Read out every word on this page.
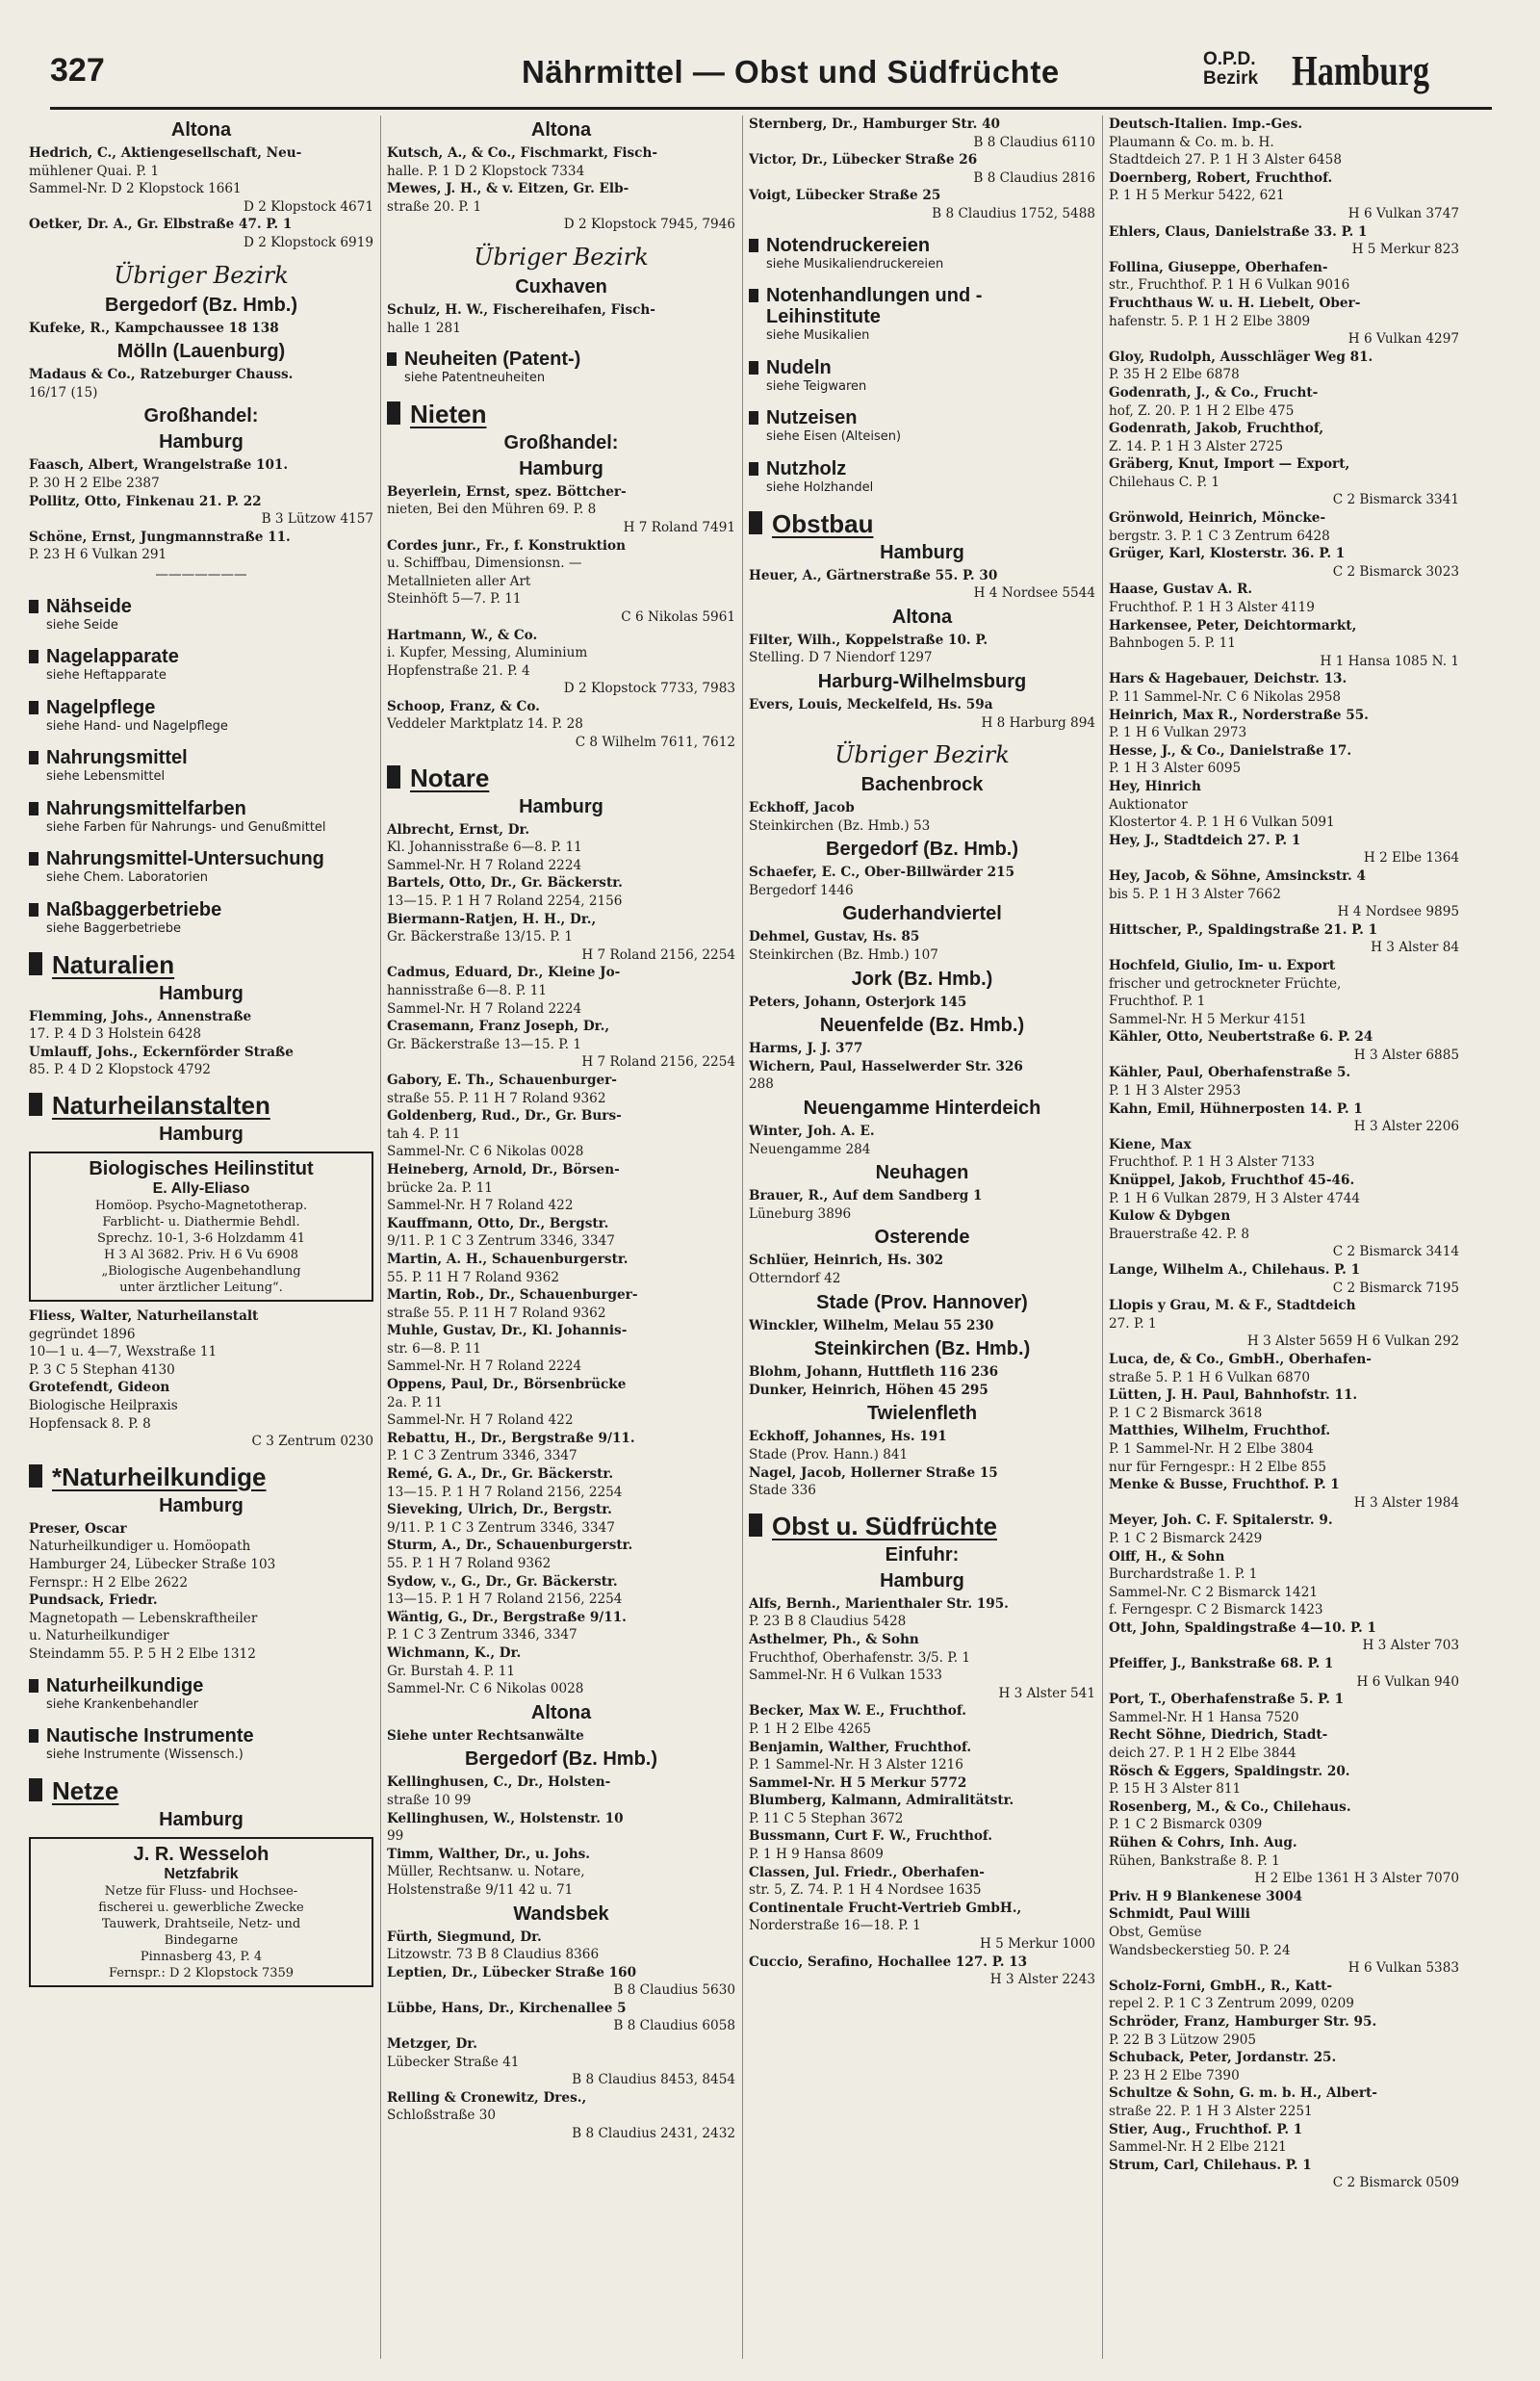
327	Nährmittel — Obst und Südfrüchte	O.P.D.
Bezirk Hamburg
Altona
Hedrich, C., Aktiengesellschaft, Neu-
mühlener Quai. P. 1
Sammel-Nr. D 2 Klopstock 1661
D 2 Klopstock 4671
Oetker, Dr. A., Gr. Elbstraße 47. P. 1
D 2 Klopstock 6919
Übriger Bezirk
Bergedorf (Bz. Hmb.)
Kufeke, R., Kampchaussee 18 138
Mölln (Lauenburg)
Madaus & Co., Ratzeburger Chauss.
16/17 (15)
Großhandel:
Hamburg
Faasch, Albert, Wrangelstraße 101.
P. 30 H 2 Elbe 2387
Pollitz, Otto, Finkenau 21. P. 22
B 3 Lützow 4157
Schöne, Ernst, Jungmannstraße 11.
P. 23 H 6 Vulkan 291
———————
Nähseide
siehe Seide
Nagelapparate
siehe Heftapparate
Nagelpflege
siehe Hand- und Nagelpflege
Nahrungsmittel
siehe Lebensmittel
Nahrungsmittelfarben
siehe Farben für Nahrungs- und Genußmittel
Nahrungsmittel-Untersuchung
siehe Chem. Laboratorien
Naßbaggerbetriebe
siehe Baggerbetriebe
Naturalien
Hamburg
Flemming, Johs., Annenstraße
17. P. 4 D 3 Holstein 6428
Umlauff, Johs., Eckernförder Straße
85. P. 4 D 2 Klopstock 4792
Naturheilanstalten
Hamburg
Biologisches Heilinstitut
E. Ally-Eliaso
Homöop. Psycho-Magnetotherap.
Farblicht- u. Diathermie Behdl.
Sprechz. 10-1, 3-6 Holzdamm 41
H 3 Al 3682. Priv. H 6 Vu 6908
„Biologische Augenbehandlung
unter ärztlicher Leitung“.
Fliess, Walter, Naturheilanstalt
gegründet 1896
10—1 u. 4—7, Wexstraße 11
P. 3 C 5 Stephan 4130
Grotefendt, Gideon
Biologische Heilpraxis
Hopfensack 8. P. 8
C 3 Zentrum 0230
*Naturheilkundige
Hamburg
Preser, Oscar
Naturheilkundiger u. Homöopath
Hamburger 24, Lübecker Straße 103
Fernspr.: H 2 Elbe 2622
Pundsack, Friedr.
Magnetopath — Lebenskraftheiler
u. Naturheilkundiger
Steindamm 55. P. 5 H 2 Elbe 1312
Naturheilkundige
siehe Krankenbehandler
Nautische Instrumente
siehe Instrumente (Wissensch.)
Netze
Hamburg
J. R. Wesseloh
Netzfabrik
Netze für Fluss- und Hochsee-
fischerei u. gewerbliche Zwecke
Tauwerk, Drahtseile, Netz- und
Bindegarne
Pinnasberg 43, P. 4
Fernspr.: D 2 Klopstock 7359
Altona
Kutsch, A., & Co., Fischmarkt, Fisch-
halle. P. 1 D 2 Klopstock 7334
Mewes, J. H., & v. Eitzen, Gr. Elb-
straße 20. P. 1
D 2 Klopstock 7945, 7946
Übriger Bezirk
Cuxhaven
Schulz, H. W., Fischereihafen, Fisch-
halle 1 281
Neuheiten (Patent-)
siehe Patentneuheiten
Nieten
Großhandel:
Hamburg
Beyerlein, Ernst, spez. Böttcher-
nieten, Bei den Mühren 69. P. 8
H 7 Roland 7491
Cordes junr., Fr., f. Konstruktion
u. Schiffbau, Dimensionsn. —
Metallnieten aller Art
Steinhöft 5—7. P. 11
C 6 Nikolas 5961
Hartmann, W., & Co.
i. Kupfer, Messing, Aluminium
Hopfenstraße 21. P. 4
D 2 Klopstock 7733, 7983
Schoop, Franz, & Co.
Veddeler Marktplatz 14. P. 28
C 8 Wilhelm 7611, 7612
Notare
Hamburg
Albrecht, Ernst, Dr.
Kl. Johannisstraße 6—8. P. 11
Sammel-Nr. H 7 Roland 2224
Bartels, Otto, Dr., Gr. Bäckerstr.
13—15. P. 1 H 7 Roland 2254, 2156
Biermann-Ratjen, H. H., Dr.,
Gr. Bäckerstraße 13/15. P. 1
H 7 Roland 2156, 2254
Cadmus, Eduard, Dr., Kleine Jo-
hannisstraße 6—8. P. 11
Sammel-Nr. H 7 Roland 2224
Crasemann, Franz Joseph, Dr.,
Gr. Bäckerstraße 13—15. P. 1
H 7 Roland 2156, 2254
Gabory, E. Th., Schauenburger-
straße 55. P. 11 H 7 Roland 9362
Goldenberg, Rud., Dr., Gr. Burs-
tah 4. P. 11
Sammel-Nr. C 6 Nikolas 0028
Heineberg, Arnold, Dr., Börsen-
brücke 2a. P. 11
Sammel-Nr. H 7 Roland 422
Kauffmann, Otto, Dr., Bergstr.
9/11. P. 1 C 3 Zentrum 3346, 3347
Martin, A. H., Schauenburgerstr.
55. P. 11 H 7 Roland 9362
Martin, Rob., Dr., Schauenburger-
straße 55. P. 11 H 7 Roland 9362
Muhle, Gustav, Dr., Kl. Johannis-
str. 6—8. P. 11
Sammel-Nr. H 7 Roland 2224
Oppens, Paul, Dr., Börsenbrücke
2a. P. 11
Sammel-Nr. H 7 Roland 422
Rebattu, H., Dr., Bergstraße 9/11.
P. 1 C 3 Zentrum 3346, 3347
Remé, G. A., Dr., Gr. Bäckerstr.
13—15. P. 1 H 7 Roland 2156, 2254
Sieveking, Ulrich, Dr., Bergstr.
9/11. P. 1 C 3 Zentrum 3346, 3347
Sturm, A., Dr., Schauenburgerstr.
55. P. 1 H 7 Roland 9362
Sydow, v., G., Dr., Gr. Bäckerstr.
13—15. P. 1 H 7 Roland 2156, 2254
Wäntig, G., Dr., Bergstraße 9/11.
P. 1 C 3 Zentrum 3346, 3347
Wichmann, K., Dr.
Gr. Burstah 4. P. 11
Sammel-Nr. C 6 Nikolas 0028
Altona
Siehe unter Rechtsanwälte
Bergedorf (Bz. Hmb.)
Kellinghusen, C., Dr., Holsten-
straße 10 99
Kellinghusen, W., Holstenstr. 10
99
Timm, Walther, Dr., u. Johs.
Müller, Rechtsanw. u. Notare,
Holstenstraße 9/11 42 u. 71
Wandsbek
Fürth, Siegmund, Dr.
Litzowstr. 73 B 8 Claudius 8366
Leptien, Dr., Lübecker Straße 160
B 8 Claudius 5630
Lübbe, Hans, Dr., Kirchenallee 5
B 8 Claudius 6058
Metzger, Dr.
Lübecker Straße 41
B 8 Claudius 8453, 8454
Relling & Cronewitz, Dres.,
Schloßstraße 30
B 8 Claudius 2431, 2432
Sternberg, Dr., Hamburger Str. 40
B 8 Claudius 6110
Victor, Dr., Lübecker Straße 26
B 8 Claudius 2816
Voigt, Lübecker Straße 25
B 8 Claudius 1752, 5488
Notendruckereien
siehe Musikaliendruckereien
Notenhandlungen und -Leihinstitute
siehe Musikalien
Nudeln
siehe Teigwaren
Nutzeisen
siehe Eisen (Alteisen)
Nutzholz
siehe Holzhandel
Obstbau
Hamburg
Heuer, A., Gärtnerstraße 55. P. 30
H 4 Nordsee 5544
Altona
Filter, Wilh., Koppelstraße 10. P.
Stelling. D 7 Niendorf 1297
Harburg-Wilhelmsburg
Evers, Louis, Meckelfeld, Hs. 59a
H 8 Harburg 894
Übriger Bezirk
Bachenbrock
Eckhoff, Jacob
Steinkirchen (Bz. Hmb.) 53
Bergedorf (Bz. Hmb.)
Schaefer, E. C., Ober-Billwärder 215
Bergedorf 1446
Guderhandviertel
Dehmel, Gustav, Hs. 85
Steinkirchen (Bz. Hmb.) 107
Jork (Bz. Hmb.)
Peters, Johann, Osterjork 145
Neuenfelde (Bz. Hmb.)
Harms, J. J. 377
Wichern, Paul, Hasselwerder Str. 326
288
Neuengamme Hinterdeich
Winter, Joh. A. E.
Neuengamme 284
Neuhagen
Brauer, R., Auf dem Sandberg 1
Lüneburg 3896
Osterende
Schlüer, Heinrich, Hs. 302
Otterndorf 42
Stade (Prov. Hannover)
Winckler, Wilhelm, Melau 55 230
Steinkirchen (Bz. Hmb.)
Blohm, Johann, Huttfleth 116 236
Dunker, Heinrich, Höhen 45 295
Twielenfleth
Eckhoff, Johannes, Hs. 191
Stade (Prov. Hann.) 841
Nagel, Jacob, Hollerner Straße 15
Stade 336
Obst u. Südfrüchte
Einfuhr:
Hamburg
Alfs, Bernh., Marienthaler Str. 195.
P. 23 B 8 Claudius 5428
Asthelmer, Ph., & Sohn
Fruchthof, Oberhafenstr. 3/5. P. 1
Sammel-Nr. H 6 Vulkan 1533
H 3 Alster 541
Becker, Max W. E., Fruchthof.
P. 1 H 2 Elbe 4265
Benjamin, Walther, Fruchthof.
P. 1 Sammel-Nr. H 3 Alster 1216
Sammel-Nr. H 5 Merkur 5772
Blumberg, Kalmann, Admiralitätstr.
P. 11 C 5 Stephan 3672
Bussmann, Curt F. W., Fruchthof.
P. 1 H 9 Hansa 8609
Classen, Jul. Friedr., Oberhafen-
str. 5, Z. 74. P. 1 H 4 Nordsee 1635
Continentale Frucht-Vertrieb GmbH.,
Norderstraße 16—18. P. 1
H 5 Merkur 1000
Cuccio, Serafino, Hochallee 127. P. 13
H 3 Alster 2243
Deutsch-Italien. Imp.-Ges.
Plaumann & Co. m. b. H.
Stadtdeich 27. P. 1 H 3 Alster 6458
Doernberg, Robert, Fruchthof.
P. 1 H 5 Merkur 5422, 621
H 6 Vulkan 3747
Ehlers, Claus, Danielstraße 33. P. 1
H 5 Merkur 823
Follina, Giuseppe, Oberhafen-
str., Fruchthof. P. 1 H 6 Vulkan 9016
Fruchthaus W. u. H. Liebelt, Ober-
hafenstr. 5. P. 1 H 2 Elbe 3809
H 6 Vulkan 4297
Gloy, Rudolph, Ausschläger Weg 81.
P. 35 H 2 Elbe 6878
Godenrath, J., & Co., Frucht-
hof, Z. 20. P. 1 H 2 Elbe 475
Godenrath, Jakob, Fruchthof,
Z. 14. P. 1 H 3 Alster 2725
Gräberg, Knut, Import — Export,
Chilehaus C. P. 1
C 2 Bismarck 3341
Grönwold, Heinrich, Möncke-
bergstr. 3. P. 1 C 3 Zentrum 6428
Grüger, Karl, Klosterstr. 36. P. 1
C 2 Bismarck 3023
Haase, Gustav A. R.
Fruchthof. P. 1 H 3 Alster 4119
Harkensee, Peter, Deichtormarkt,
Bahnbogen 5. P. 11
H 1 Hansa 1085 N. 1
Hars & Hagebauer, Deichstr. 13.
P. 11 Sammel-Nr. C 6 Nikolas 2958
Heinrich, Max R., Norderstraße 55.
P. 1 H 6 Vulkan 2973
Hesse, J., & Co., Danielstraße 17.
P. 1 H 3 Alster 6095
Hey, Hinrich
Auktionator
Klostertor 4. P. 1 H 6 Vulkan 5091
Hey, J., Stadtdeich 27. P. 1
H 2 Elbe 1364
Hey, Jacob, & Söhne, Amsinckstr. 4
bis 5. P. 1 H 3 Alster 7662
H 4 Nordsee 9895
Hittscher, P., Spaldingstraße 21. P. 1
H 3 Alster 84
Hochfeld, Giulio, Im- u. Export
frischer und getrockneter Früchte,
Fruchthof. P. 1
Sammel-Nr. H 5 Merkur 4151
Kähler, Otto, Neubertstraße 6. P. 24
H 3 Alster 6885
Kähler, Paul, Oberhafenstraße 5.
P. 1 H 3 Alster 2953
Kahn, Emil, Hühnerposten 14. P. 1
H 3 Alster 2206
Kiene, Max
Fruchthof. P. 1 H 3 Alster 7133
Knüppel, Jakob, Fruchthof 45-46.
P. 1 H 6 Vulkan 2879, H 3 Alster 4744
Kulow & Dybgen
Brauerstraße 42. P. 8
C 2 Bismarck 3414
Lange, Wilhelm A., Chilehaus. P. 1
C 2 Bismarck 7195
Llopis y Grau, M. & F., Stadtdeich
27. P. 1
H 3 Alster 5659 H 6 Vulkan 292
Luca, de, & Co., GmbH., Oberhafen-
straße 5. P. 1 H 6 Vulkan 6870
Lütten, J. H. Paul, Bahnhofstr. 11.
P. 1 C 2 Bismarck 3618
Matthies, Wilhelm, Fruchthof.
P. 1 Sammel-Nr. H 2 Elbe 3804
nur für Ferngespr.: H 2 Elbe 855
Menke & Busse, Fruchthof. P. 1
H 3 Alster 1984
Meyer, Joh. C. F. Spitalerstr. 9.
P. 1 C 2 Bismarck 2429
Olff, H., & Sohn
Burchardstraße 1. P. 1
Sammel-Nr. C 2 Bismarck 1421
f. Ferngespr. C 2 Bismarck 1423
Ott, John, Spaldingstraße 4—10. P. 1
H 3 Alster 703
Pfeiffer, J., Bankstraße 68. P. 1
H 6 Vulkan 940
Port, T., Oberhafenstraße 5. P. 1
Sammel-Nr. H 1 Hansa 7520
Recht Söhne, Diedrich, Stadt-
deich 27. P. 1 H 2 Elbe 3844
Rösch & Eggers, Spaldingstr. 20.
P. 15 H 3 Alster 811
Rosenberg, M., & Co., Chilehaus.
P. 1 C 2 Bismarck 0309
Rühen & Cohrs, Inh. Aug.
Rühen, Bankstraße 8. P. 1
H 2 Elbe 1361 H 3 Alster 7070
Priv. H 9 Blankenese 3004
Schmidt, Paul Willi
Obst, Gemüse
Wandsbeckerstieg 50. P. 24
H 6 Vulkan 5383
Scholz-Forni, GmbH., R., Katt-
repel 2. P. 1 C 3 Zentrum 2099, 0209
Schröder, Franz, Hamburger Str. 95.
P. 22 B 3 Lützow 2905
Schuback, Peter, Jordanstr. 25.
P. 23 H 2 Elbe 7390
Schultze & Sohn, G. m. b. H., Albert-
straße 22. P. 1 H 3 Alster 2251
Stier, Aug., Fruchthof. P. 1
Sammel-Nr. H 2 Elbe 2121
Strum, Carl, Chilehaus. P. 1
C 2 Bismarck 0509
